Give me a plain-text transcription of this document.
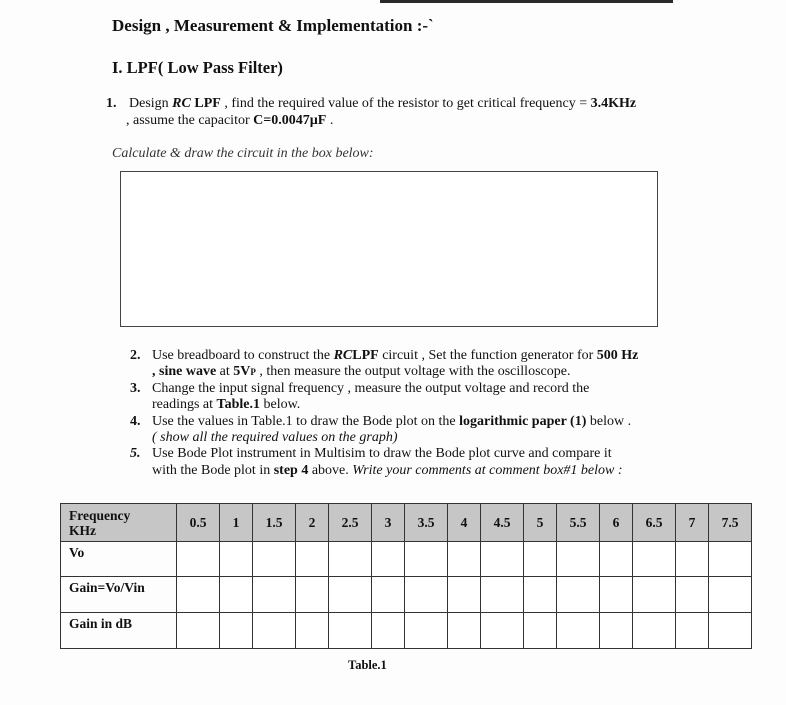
Design , Measurement & Implementation :-`
I. LPF( Low Pass Filter)
1. Design RC LPF , find the required value of the resistor to get critical frequency = 3.4KHz
, assume the capacitor C=0.0047µF .
Calculate & draw the circuit in the box below:
2. Use breadboard to construct the RCLPF circuit , Set the function generator for 500 Hz
, sine wave at 5VP , then measure the output voltage with the oscilloscope.
3. Change the input signal frequency , measure the output voltage and record the
readings at Table.1 below.
4. Use the values in Table.1 to draw the Bode plot on the logarithmic paper (1) below .
( show all the required values on the graph)
5. Use Bode Plot instrument in Multisim to draw the Bode plot curve and compare it
with the Bode plot in step 4 above. Write your comments at comment box#1 below :
Frequency
KHz	0.5	1	1.5	2	2.5	3	3.5	4	4.5	5	5.5	6	6.5	7	7.5
Vo															
Gain=Vo/Vin															
Gain in dB															
Table.1
